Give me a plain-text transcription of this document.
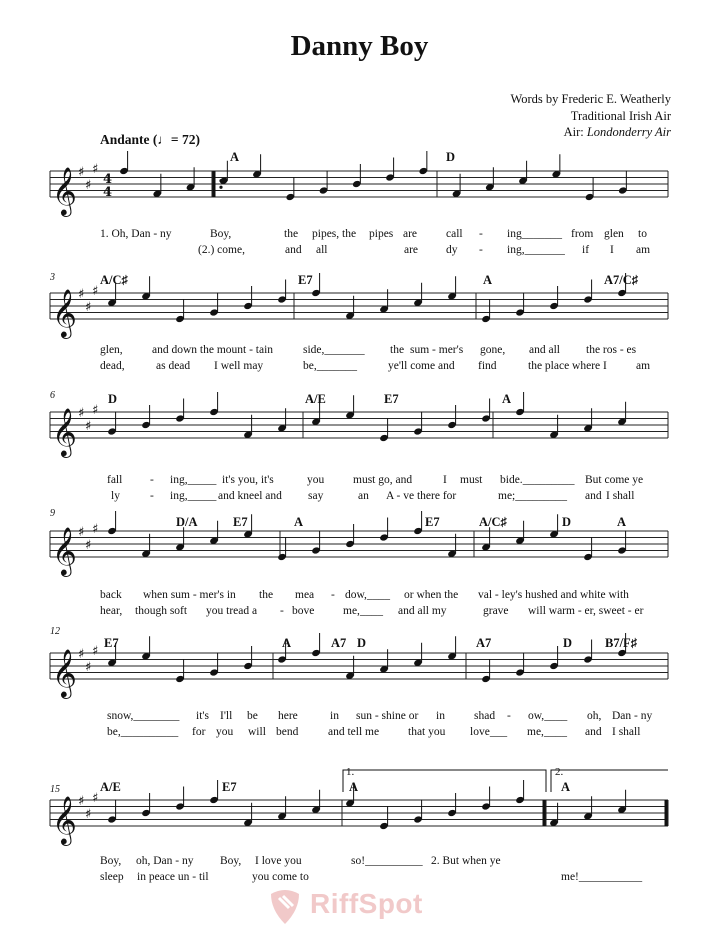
Danny Boy
Words by Frederic E. Weatherly
Traditional Irish Air
Air: Londonderry Air
Andante (♩= 72)
𝄞 ♯
♯
♯
4
4
𝄞 ♯
♯
♯
𝄞 ♯
♯
♯
𝄞 ♯
♯
♯
𝄞 ♯
♯
♯
𝄞 ♯
♯
♯
3
6
9
12
15
A	D
A/C♯	E7	A	A7/C♯
D	A/E	E7	A
D/A	E7	A	E7	A/C♯	D	A
E7	A	A7 D	A7	D	B7/F♯
A/E	E7	A	A
1.	2.
1. Oh, Dan - ny	Boy,	the pipes, the pipes are	call - ing_______ from glen to
(2.) come,	and all	are dy - ing,_______ if I am
glen,	and down the mount - tain	side,_______ the sum - mer's gone, and all the ros - es
dead,	as dead I well may	be,_______	ye'll come and find	the place where I	am
fall - ing,_____ it's you, it's	you	must go, and	I must bide._________ But come ye
ly	- ing,_____ and kneel and say	an A - ve there for	me;_________ and I shall
back when sum - mer's in the mea - dow,____ or when the val - ley's hushed and white with
hear, though soft you tread a - bove me,____ and all my	grave will warm - er, sweet - er
snow,________ it's I'll be here	in sun - shine or in	shad - ow,____ oh, Dan - ny
be,__________ for you will bend	and tell me	that you love___ me,____ and I shall
Boy, oh, Dan - ny Boy, I love you	so!__________ 2. But when ye
sleep in peace un - til	you come to	me!___________
RiffSpot
